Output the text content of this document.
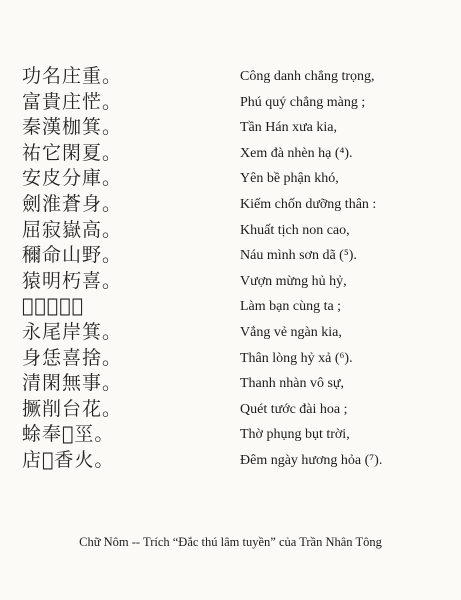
功名庄重。
富貴庄恾。
秦漢枷箕。
祐它閑夏。
安皮分庫。
劍淮蒼身。
屈寂嶽高。
穪命山野。
猿明朽喜。
𠃣伴共些。
永尾岸箕。
身恁喜捨。
清閑無事。
撅削台花。
蜍奉𡗶坙。
店𣋚香火。
Công danh chẳng trọng,
Phú quý chẳng màng ;
Tần Hán xưa kia,
Xem đà nhèn hạ (⁴).
Yên bề phận khó,
Kiếm chốn dưỡng thân :
Khuất tịch non cao,
Náu mình sơn dã (⁵).
Vượn mừng hủ hỷ,
Làm bạn cùng ta ;
Vắng vẻ ngàn kia,
Thân lòng hỷ xả (⁶).
Thanh nhàn vô sự,
Quét tước đài hoa ;
Thờ phụng bụt trời,
Đêm ngày hương hỏa (⁷).
Chữ Nôm -- Trích “Đắc thú lâm tuyền” của Trần Nhân Tông
